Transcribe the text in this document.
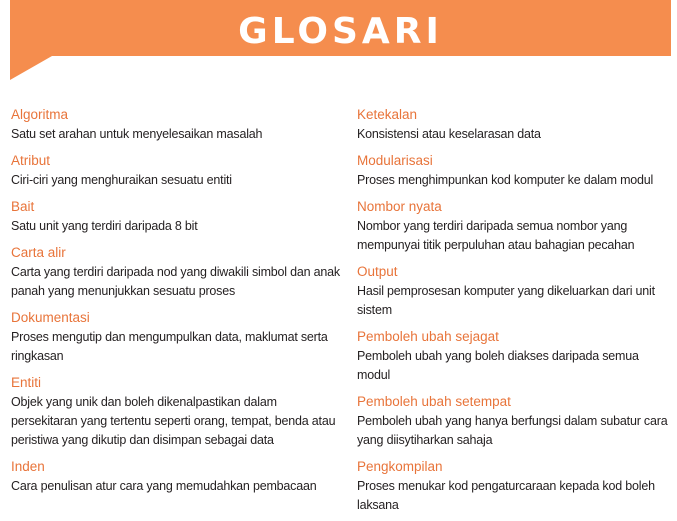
GLOSARI
Algoritma
Satu set arahan untuk menyelesaikan masalah
Atribut
Ciri-ciri yang menghuraikan sesuatu entiti
Bait
Satu unit yang terdiri daripada 8 bit
Carta alir
Carta yang terdiri daripada nod yang diwakili simbol dan anak panah yang menunjukkan sesuatu proses
Dokumentasi
Proses mengutip dan mengumpulkan data, maklumat serta ringkasan
Entiti
Objek yang unik dan boleh dikenalpastikan dalam persekitaran yang tertentu seperti orang, tempat, benda atau peristiwa yang dikutip dan disimpan sebagai data
Inden
Cara penulisan atur cara yang memudahkan pembacaan
Ketekalan
Konsistensi atau keselarasan data
Modularisasi
Proses menghimpunkan kod komputer ke dalam modul
Nombor nyata
Nombor yang terdiri daripada semua nombor yang mempunyai titik perpuluhan atau bahagian pecahan
Output
Hasil pemprosesan komputer yang dikeluarkan dari unit sistem
Pemboleh ubah sejagat
Pemboleh ubah yang boleh diakses daripada semua modul
Pemboleh ubah setempat
Pemboleh ubah yang hanya berfungsi dalam subatur cara yang diisytiharkan sahaja
Pengkompilan
Proses menukar kod pengaturcaraan kepada kod boleh laksana
